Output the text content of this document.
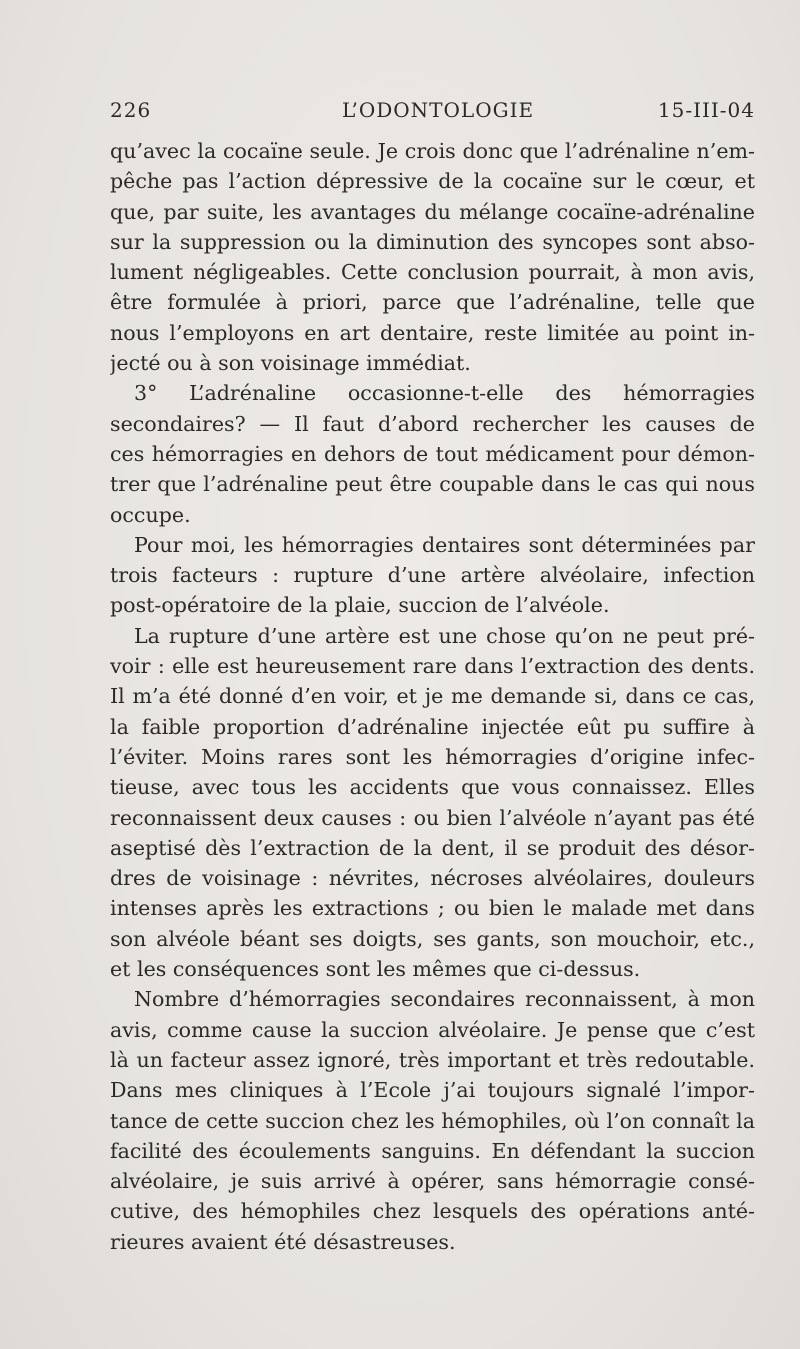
226	L’ODONTOLOGIE	15-III-04
qu’avec la cocaïne seule. Je crois donc que l’adrénaline n’em-
pêche pas l’action dépressive de la cocaïne sur le cœur, et
que, par suite, les avantages du mélange cocaïne-adrénaline
sur la suppression ou la diminution des syncopes sont abso-
lument négligeables. Cette conclusion pourrait, à mon avis,
être formulée à priori, parce que l’adrénaline, telle que
nous l’employons en art dentaire, reste limitée au point in-
jecté ou à son voisinage immédiat.
3° L’adrénaline occasionne-t-elle des hémorragies
secondaires? — Il faut d’abord rechercher les causes de
ces hémorragies en dehors de tout médicament pour démon-
trer que l’adrénaline peut être coupable dans le cas qui nous
occupe.
Pour moi, les hémorragies dentaires sont déterminées par
trois facteurs : rupture d’une artère alvéolaire, infection
post-opératoire de la plaie, succion de l’alvéole.
La rupture d’une artère est une chose qu’on ne peut pré-
voir : elle est heureusement rare dans l’extraction des dents.
Il m’a été donné d’en voir, et je me demande si, dans ce cas,
la faible proportion d’adrénaline injectée eût pu suffire à
l’éviter. Moins rares sont les hémorragies d’origine infec-
tieuse, avec tous les accidents que vous connaissez. Elles
reconnaissent deux causes : ou bien l’alvéole n’ayant pas été
aseptisé dès l’extraction de la dent, il se produit des désor-
dres de voisinage : névrites, nécroses alvéolaires, douleurs
intenses après les extractions ; ou bien le malade met dans
son alvéole béant ses doigts, ses gants, son mouchoir, etc.,
et les conséquences sont les mêmes que ci-dessus.
Nombre d’hémorragies secondaires reconnaissent, à mon
avis, comme cause la succion alvéolaire. Je pense que c’est
là un facteur assez ignoré, très important et très redoutable.
Dans mes cliniques à l’Ecole j’ai toujours signalé l’impor-
tance de cette succion chez les hémophiles, où l’on connaît la
facilité des écoulements sanguins. En défendant la succion
alvéolaire, je suis arrivé à opérer, sans hémorragie consé-
cutive, des hémophiles chez lesquels des opérations anté-
rieures avaient été désastreuses.
